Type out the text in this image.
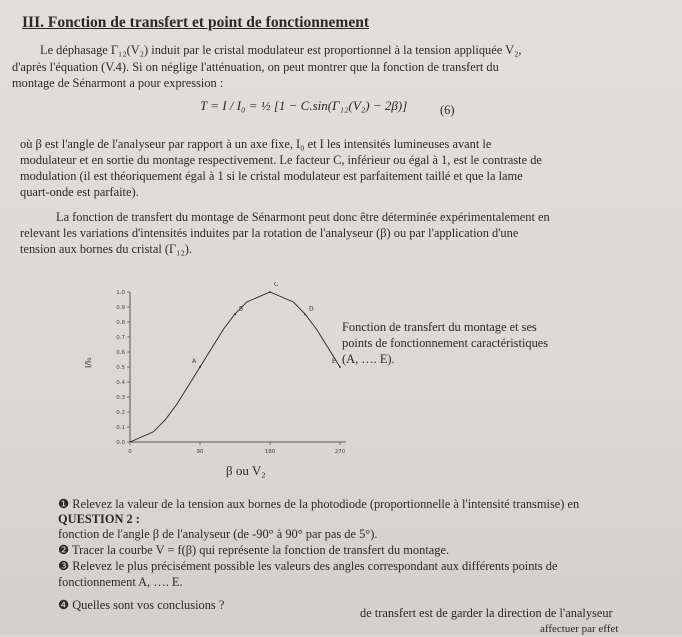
III. Fonction de transfert et point de fonctionnement
Le déphasage Γ₁₂(V₂) induit par le cristal modulateur est proportionnel à la tension appliquée V₂,
d'après l'équation (V.4). Si on néglige l'atténuation, on peut montrer que la fonction de transfert du
montage de Sénarmont a pour expression :
T = I / I₀ = ½ [1 − C.sin(Γ₁₂(V₂) − 2β)]	(6)
où β est l'angle de l'analyseur par rapport à un axe fixe, I₀ et I les intensités lumineuses avant le
modulateur et en sortie du montage respectivement. Le facteur C, inférieur ou égal à 1, est le contraste de
modulation (il est théoriquement égal à 1 si le cristal modulateur est parfaitement taillé et que la lame
quart-onde est parfaite).
La fonction de transfert du montage de Sénarmont peut donc être déterminée expérimentalement en
relevant les variations d'intensités induites par la rotation de l'analyseur (β) ou par l'application d'une
tension aux bornes du cristal (Γ₁₂).
0.0
0.1
0.2
0.3
0.4
0.5
0.6
0.7
0.8
0.9
1.0
0	90	180	270
A
B
C
D
E
I/I₀
Fonction de transfert du montage et ses
points de fonctionnement caractéristiques
(A, …. E).
β ou V₂
QUESTION 2 :
❶ Relevez la valeur de la tension aux bornes de la photodiode (proportionnelle à l'intensité transmise) en
fonction de l'angle β de l'analyseur (de -90° à 90° par pas de 5°).
❷ Tracer la courbe V = f(β) qui représente la fonction de transfert du montage.
❸ Relevez le plus précisément possible les valeurs des angles correspondant aux différents points de
fonctionnement A, …. E.
❹ Quelles sont vos conclusions ?
de transfert est de garder la direction de l'analyseur
affectuer par effet
